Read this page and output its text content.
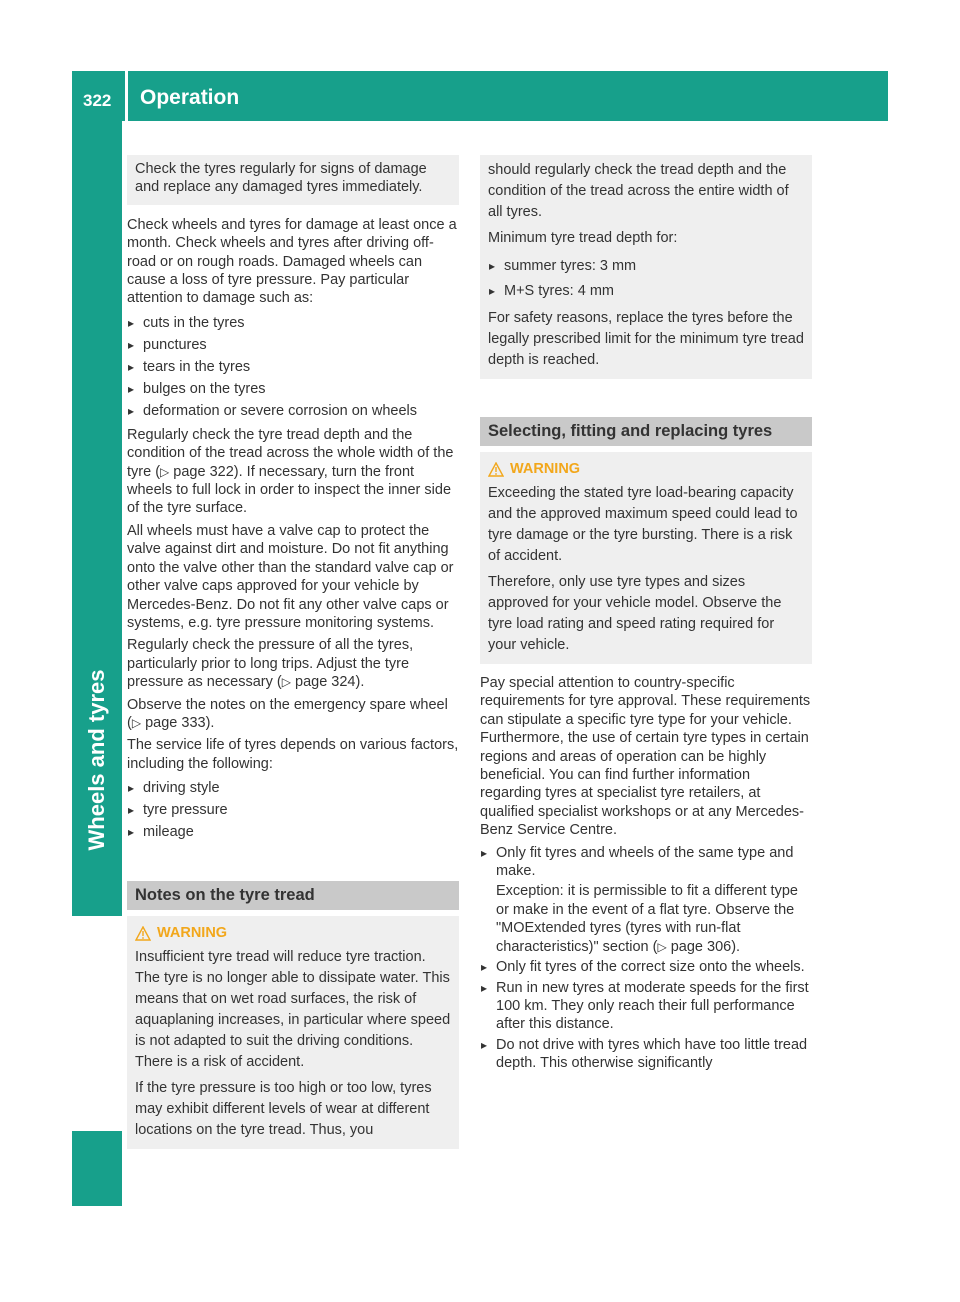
322 Operation
Wheels and tyres

Check the tyres regularly for signs of damage and replace any damaged tyres immediately.

Check wheels and tyres for damage at least once a month. Check wheels and tyres after driving off-road or on rough roads. Damaged wheels can cause a loss of tyre pressure. Pay particular attention to damage such as:

▸ cuts in the tyres
▸ punctures
▸ tears in the tyres
▸ bulges on the tyres
▸ deformation or severe corrosion on wheels

Regularly check the tyre tread depth and the condition of the tread across the whole width of the tyre (▷ page 322). If necessary, turn the front wheels to full lock in order to inspect the inner side of the tyre surface.

All wheels must have a valve cap to protect the valve against dirt and moisture. Do not fit anything onto the valve other than the standard valve cap or other valve caps approved for your vehicle by Mercedes-Benz. Do not fit any other valve caps or systems, e.g. tyre pressure monitoring systems.

Regularly check the pressure of all the tyres, particularly prior to long trips. Adjust the tyre pressure as necessary (▷ page 324).

Observe the notes on the emergency spare wheel (▷ page 333).

The service life of tyres depends on various factors, including the following:

▸ driving style
▸ tyre pressure
▸ mileage
Notes on the tyre tread
WARNING

Insufficient tyre tread will reduce tyre traction. The tyre is no longer able to dissipate water. This means that on wet road surfaces, the risk of aquaplaning increases, in particular where speed is not adapted to suit the driving conditions. There is a risk of accident.

If the tyre pressure is too high or too low, tyres may exhibit different levels of wear at different locations on the tyre tread. Thus, you

should regularly check the tread depth and the condition of the tread across the entire width of all tyres.

Minimum tyre tread depth for:

▸ summer tyres: 3 mm
▸ M+S tyres: 4 mm

For safety reasons, replace the tyres before the legally prescribed limit for the minimum tyre tread depth is reached.

Selecting, fitting and replacing tyres
WARNING

Exceeding the stated tyre load-bearing capacity and the approved maximum speed could lead to tyre damage or the tyre bursting. There is a risk of accident.

Therefore, only use tyre types and sizes approved for your vehicle model. Observe the tyre load rating and speed rating required for your vehicle.

Pay special attention to country-specific requirements for tyre approval. These requirements can stipulate a specific tyre type for your vehicle. Furthermore, the use of certain tyre types in certain regions and areas of operation can be highly beneficial. You can find further information regarding tyres at specialist tyre retailers, at qualified specialist workshops or at any Mercedes-Benz Service Centre.

▸ Only fit tyres and wheels of the same type and make.

Exception: it is permissible to fit a different type or make in the event of a flat tyre. Observe the "MOExtended tyres (tyres with run-flat characteristics)" section (▷ page 306).

▸ Only fit tyres of the correct size onto the wheels.
▸ Run in new tyres at moderate speeds for the first 100 km. They only reach their full performance after this distance.
▸ Do not drive with tyres which have too little tread depth. This otherwise significantly
